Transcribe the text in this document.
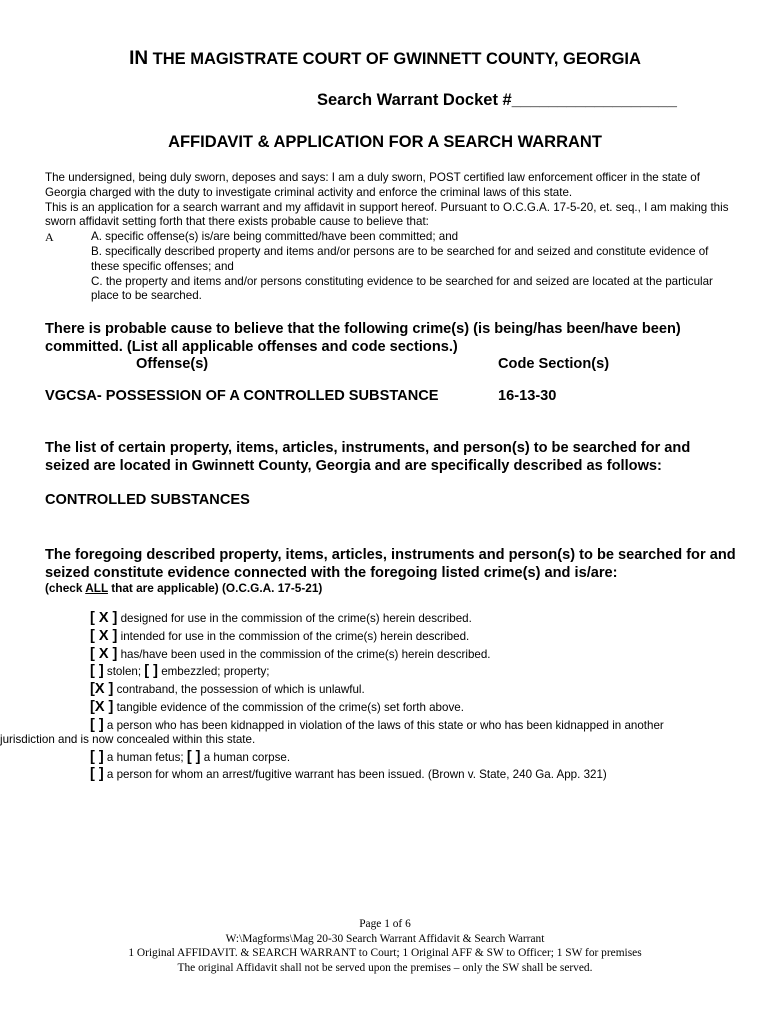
IN THE MAGISTRATE COURT OF GWINNETT COUNTY, GEORGIA
Search Warrant Docket #__________________
AFFIDAVIT & APPLICATION FOR A SEARCH WARRANT

The undersigned, being duly sworn, deposes and says: I am a duly sworn, POST certified law enforcement officer in the state of Georgia charged with the duty to investigate criminal activity and enforce the criminal laws of this state.

This is an application for a search warrant and my affidavit in support hereof. Pursuant to O.C.G.A. 17-5-20, et. seq., I am making this sworn affidavit setting forth that there exists probable cause to believe that:

A	A. specific offense(s) is/are being committed/have been committed; and
B. specifically described property and items and/or persons are to be searched for and seized and constitute evidence of these specific offenses; and
C. the property and items and/or persons constituting evidence to be searched for and seized are located at the particular place to be searched.
There is probable cause to believe that the following crime(s) (is being/has been/have been) committed. (List all applicable offenses and code sections.)
Offense(s)	Code Section(s)
VGCSA- POSSESSION OF A CONTROLLED SUBSTANCE	16-13-30
The list of certain property, items, articles, instruments, and person(s) to be searched for and seized are located in Gwinnett County, Georgia and are specifically described as follows:
CONTROLLED SUBSTANCES
The foregoing described property, items, articles, instruments and person(s) to be searched for and seized constitute evidence connected with the foregoing listed crime(s) and is/are:
(check ALL that are applicable) (O.C.G.A. 17-5-21)
[ X ] designed for use in the commission of the crime(s) herein described.
[ X ] intended for use in the commission of the crime(s) herein described.
[ X ] has/have been used in the commission of the crime(s) herein described.
[ ] stolen; [ ] embezzled; property;
[X ] contraband, the possession of which is unlawful.
[X ] tangible evidence of the commission of the crime(s) set forth above.
[ ] a person who has been kidnapped in violation of the laws of this state or who has been kidnapped in another
jurisdiction and is now concealed within this state.
[ ] a human fetus; [ ] a human corpse.
[ ] a person for whom an arrest/fugitive warrant has been issued. (Brown v. State, 240 Ga. App. 321)
Page 1 of 6
W:\Magforms\Mag 20-30 Search Warrant Affidavit & Search Warrant
1 Original AFFIDAVIT. & SEARCH WARRANT to Court; 1 Original AFF & SW to Officer; 1 SW for premises
The original Affidavit shall not be served upon the premises – only the SW shall be served.
